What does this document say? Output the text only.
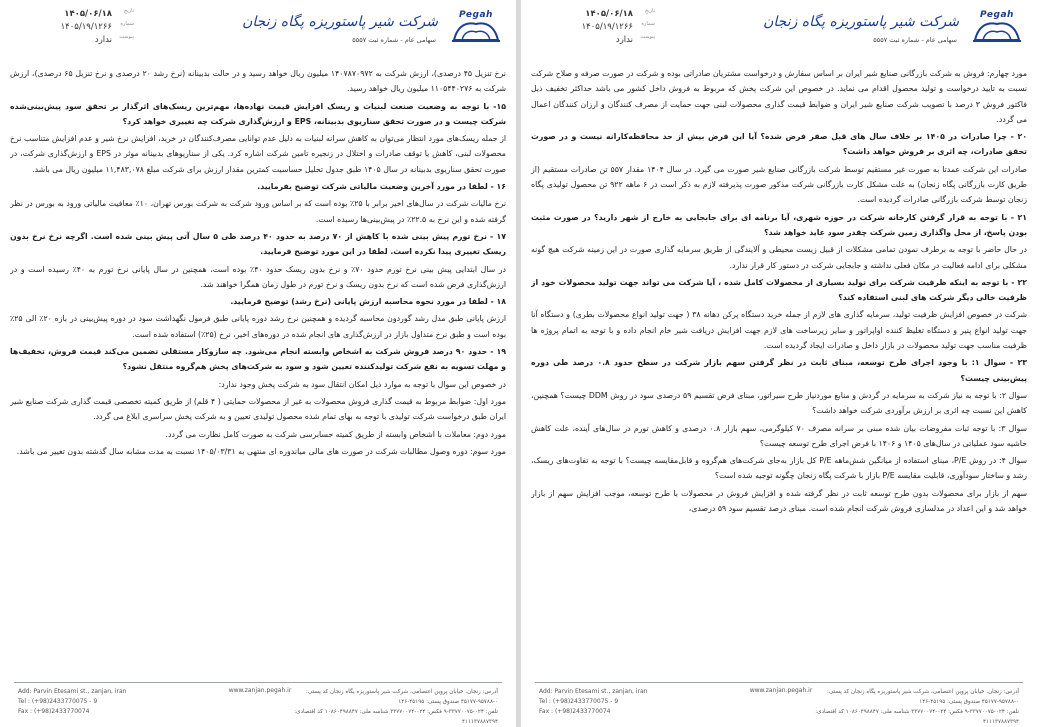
تاریخ
۱۴۰۵/۰۶/۱۸
شماره
۱۴۰۵/۱۹/۱۲۶۶
پیوست
ندارد
شرکت شیر پاستوریزه پگاه زنجان
سهامی عام - شماره ثبت ۵۵۵۷
Pegah

نرخ تنزیل ۴۵ درصدی)، ارزش شرکت به ۱۴۰۷۸۷۰۹۷۲ میلیون ریال خواهد رسید و در حالت بدبینانه (نرخ رشد ۲۰ درصدی و نرخ تنزیل ۶۵ درصدی)، ارزش شرکت به ۱۱۰۵۴۴۰۲۷۶ میلیون ریال خواهد رسید.

۱۵- با توجه به وضعیت صنعت لبنیات و ریسک افزایش قیمت نهاده‌ها، مهم‌ترین ریسک‌های اثرگذار بر تحقق سود پیش‌بینی‌شده شرکت چیست و در صورت تحقق سناریوی بدبینانه، EPS و ارزش‌گذاری شرکت چه تغییری خواهد کرد؟

از جمله ریسک‌های مورد انتظار می‌توان به کاهش سرانه لبنیات به دلیل عدم توانایی مصرف‌کنندگان در خرید، افزایش نرخ شیر و عدم افزایش متناسب نرخ محصولات لبنی، کاهش یا توقف صادرات و اختلال در زنجیره تامین شرکت اشاره کرد. یکی از سناریوهای بدبینانه موثر در EPS و ارزش‌گذاری شرکت، در صورت تحقق سناریوی بدبینانه در سال ۱۴۰۵ طبق جدول تحلیل حساسیت کمترین مقدار ارزش برای شرکت مبلغ ۱۱,۴۸۳,۰۷۸ میلیون ریال می باشد.

۱۶ - لطفا در مورد آخرین وضعیت مالیاتی شرکت توضیح بفرمایید.

نرخ مالیات شرکت در سال‌های اخیر برابر با ۲۵٪ بوده است که بر اساس ورود شرکت به شرکت بورس تهران، ۱۰٪ معافیت مالیاتی ورود به بورس در نظر گرفته شده و این نرخ به ۲۲.۵٪ در پیش‌بینی‌ها رسیده است.

۱۷ - نرخ تورم پیش بینی شده با کاهش از ۷۰ درصد به حدود ۴۰ درصد طی ۵ سال آتی پیش بینی شده است. اگرچه نرخ نرخ بدون ریسک تغییری پیدا نکرده است. لطفا در این مورد توضیح فرمایید.

در سال ابتدایی پیش بینی نرخ تورم حدود ۷۰٪ و نرخ بدون ریسک حدود ۴۰٪ بوده است، همچنین در سال پایانی نرخ تورم به ۴۰٪ رسیده است و در ارزش‌گذاری فرض شده است که نرخ بدون ریسک و نرخ تورم در طول زمان همگرا خواهند شد.

۱۸ - لطفا در مورد نحوه محاسبه ارزش پایانی (نرخ رشد) توضیح فرمایید.

ارزش پایانی طبق مدل رشد گوردون محاسبه گردیده و همچنین نرخ رشد دوره پایانی طبق فرمول نگهداشت سود در دوره پیش‌بینی در بازه ۲۰٪ الی ۲۵٪ بوده است و طبق نرخ متداول بازار در ارزش‌گذاری های انجام شده در دوره‌های اخیر، نرخ (۲۵٪) استفاده شده است.

۱۹ - حدود ۹۰ درصد فروش شرکت به اشخاص وابسته انجام می‌شود. چه سازوکار مستقلی تضمین می‌کند قیمت فروش، تخفیف‌ها و مهلت تسویه به نفع شرکت تولیدکننده تعیین شود و سود به شرکت‌های پخش هم‌گروه منتقل نشود؟

در خصوص این سوال با توجه به موارد ذیل امکان انتقال سود به شرکت پخش وجود ندارد:

مورد اول: ضوابط مربوط به قیمت گذاری فروش محصولات به غیر از محصولات حمایتی ( ۴ قلم) از طریق کمیته تخصصی قیمت گذاری شرکت صنایع شیر ایران طبق درخواست شرکت تولیدی با توجه به بهای تمام شده محصول تولیدی تعیین و به شرکت پخش سراسری ابلاغ می گردد.

مورد دوم: معاملات با اشخاص وابسته از طریق کمیته حسابرسی شرکت به صورت کامل نظارت می گردد.

مورد سوم: دوره وصول مطالبات شرکت در صورت های مالی میاندوره ای منتهی به ۱۴۰۵/۰۳/۳۱ نسبت به مدت مشابه سال گذشته بدون تغییر می باشد.

Add: Parvin Etesami st., zanjan, iran
Tel : (+98)2433770075 - 9
Fax : (+98)2433770074
www.zanjan.pegah.ir	آدرس: زنجان، خیابان پروین اعتصامی، شرکت شیر پاستوریزه پگاه زنجان کد پستی: ۰-۹۵۷۸۸-۴۵۱۷۷ صندوق پستی: ۴۵۱۹۵-۱۴۶
تلفن: ۰۲۴-۳۳۷۷۰۰۷۵-۹ فکس: ۰۲۴-۳۳۷۷۰۰۷۴ شناسه ملی: ۱۰۸۶۰۴۹۸۸۴۷ کد اقتصادی: ۴۱۱۱۳۷۸۸۷۳۹۴
تاریخ
۱۴۰۵/۰۶/۱۸
شماره
۱۴۰۵/۱۹/۱۲۶۶
پیوست
ندارد
شرکت شیر پاستوریزه پگاه زنجان
سهامی عام - شماره ثبت ۵۵۵۷
Pegah

مورد چهارم: فروش به شرکت بازرگانی صنایع شیر ایران بر اساس سفارش و درخواست مشتریان صادراتی بوده و شرکت در صورت صرفه و صلاح شرکت نسبت به تایید درخواست و تولید محصول اقدام می نماید. در خصوص این شرکت پخش که مربوط به فروش داخل کشور می باشد حداکثر تخفیف ذیل فاکتور فروش ۳ درصد با تصویب شرکت صنایع شیر ایران و ضوابط قیمت گذاری محصولات لبنی جهت حمایت از مصرف کنندگان و ارزان کنندگان اعمال می گردد.

۲۰ - چرا صادرات در ۱۴۰۵ بر خلاف سال های قبل صفر فرض شده؟ آیا این فرض بیش از حد محافظه‌کارانه نیست و در صورت تحقق صادرات، چه اثری بر فروش خواهد داشت؟

صادرات این شرکت عمدتا به صورت غیر مستقیم توسط شرکت بازرگانی صنایع شیر صورت می گیرد. در سال ۱۴۰۴ مقدار ۵۵۷ تن صادرات مستقیم (از طریق کارت بازرگانی پگاه زنجان) به علت مشکل کارت بازرگانی شرکت مذکور صورت پذیرفته لازم به ذکر است در ۶ ماهه ۹۲۲ تن محصول تولیدی پگاه زنجان توسط شرکت بازرگانی صادرات گردیده است.

۲۱ - با توجه به قرار گرفتن کارخانه شرکت در حوزه شهری، آیا برنامه ای برای جابجایی به خارج از شهر دارید؟ در صورت مثبت بودن پاسخ، از محل واگذاری زمین شرکت چقدر سود عاید خواهد شد؟

در حال حاضر با توجه به برطرف نمودن تمامی مشکلات از قبیل زیست محیطی و آلایندگی از طریق سرمایه گذاری صورت در این زمینه شرکت هیچ گونه مشکلی برای ادامه فعالیت در مکان فعلی نداشته و جابجایی شرکت در دستور کار قرار ندارد.

۲۲ - با توجه به اینکه ظرفیت شرکت برای تولید بسیاری از محصولات کامل شده ، آیا شرکت می تواند جهت تولید محصولات خود از ظرفیت خالی دیگر شرکت های لبنی استفاده کند؟

شرکت در خصوص افزایش ظرفیت تولید، سرمایه گذاری های لازم از جمله خرید دستگاه پرکن دهانه ۳۸ ( جهت تولید انواع محصولات بطری) و دستگاه آنا جهت تولید انواع پنیر و دستگاه تغلیظ کننده اواپراتور و سایر زیرساخت های لازم جهت افزایش دریافت شیر خام انجام داده و با توجه به اتمام پروژه ها ظرفیت مناسب جهت تولید محصولات در بازار داخل و صادرات ایجاد گردیده است.

۲۳ - سوال ۱: با وجود اجرای طرح توسعه، مبنای ثابت در نظر گرفتن سهم بازار شرکت در سطح حدود ۰.۸ درصد طی دوره پیش‌بینی چیست؟

سوال ۲: با توجه به نیاز شرکت به سرمایه در گردش و منابع موردنیاز طرح سیراتور، مبنای فرض تقسیم ۵۹ درصدی سود در روش DDM چیست؟ همچنین، کاهش این نسبت چه اثری بر ارزش برآوردی شرکت خواهد داشت؟

سوال ۳: با توجه ثبات مفروضات بیان شده مبنی بر سرانه مصرف ۷۰ کیلوگرمی، سهم بازار ۰.۸ درصدی و کاهش تورم در سال‌های آینده، علت کاهش حاشیه سود عملیاتی در سال‌های ۱۴۰۵ و ۱۴۰۶ با فرض اجرای طرح توسعه چیست؟

سوال ۴: در روش P/E، مبنای استفاده از میانگین شش‌ماهه P/E کل بازار به‌جای شرکت‌های هم‌گروه و قابل‌مقایسه چیست؟ با توجه به تفاوت‌های ریسک، رشد و ساختار سودآوری، قابلیت مقایسه P/E بازار با شرکت پگاه زنجان چگونه توجیه شده است؟

سهم از بازار برای محصولات بدون طرح توسعه ثابت در نظر گرفته شده و افزایش فروش در محصولات با طرح توسعه، موجب افزایش سهم از بازار خواهد شد و این اعداد در مدلسازی فروش شرکت انجام شده است. مبنای درصد تقسیم سود ۵۹ درصدی،

Add: Parvin Etesami st., zanjan, iran
Tel : (+98)2433770075 - 9
Fax : (+98)2433770074
www.zanjan.pegah.ir	آدرس: زنجان، خیابان پروین اعتصامی، شرکت شیر پاستوریزه پگاه زنجان کد پستی: ۰-۹۵۷۸۸-۴۵۱۷۷ صندوق پستی: ۴۵۱۹۵-۱۴۶
تلفن: ۰۲۴-۳۳۷۷۰۰۷۵-۹ فکس: ۰۲۴-۳۳۷۷۰۰۷۴ شناسه ملی: ۱۰۸۶۰۴۹۸۸۴۷ کد اقتصادی: ۴۱۱۱۳۷۸۸۷۳۹۴
